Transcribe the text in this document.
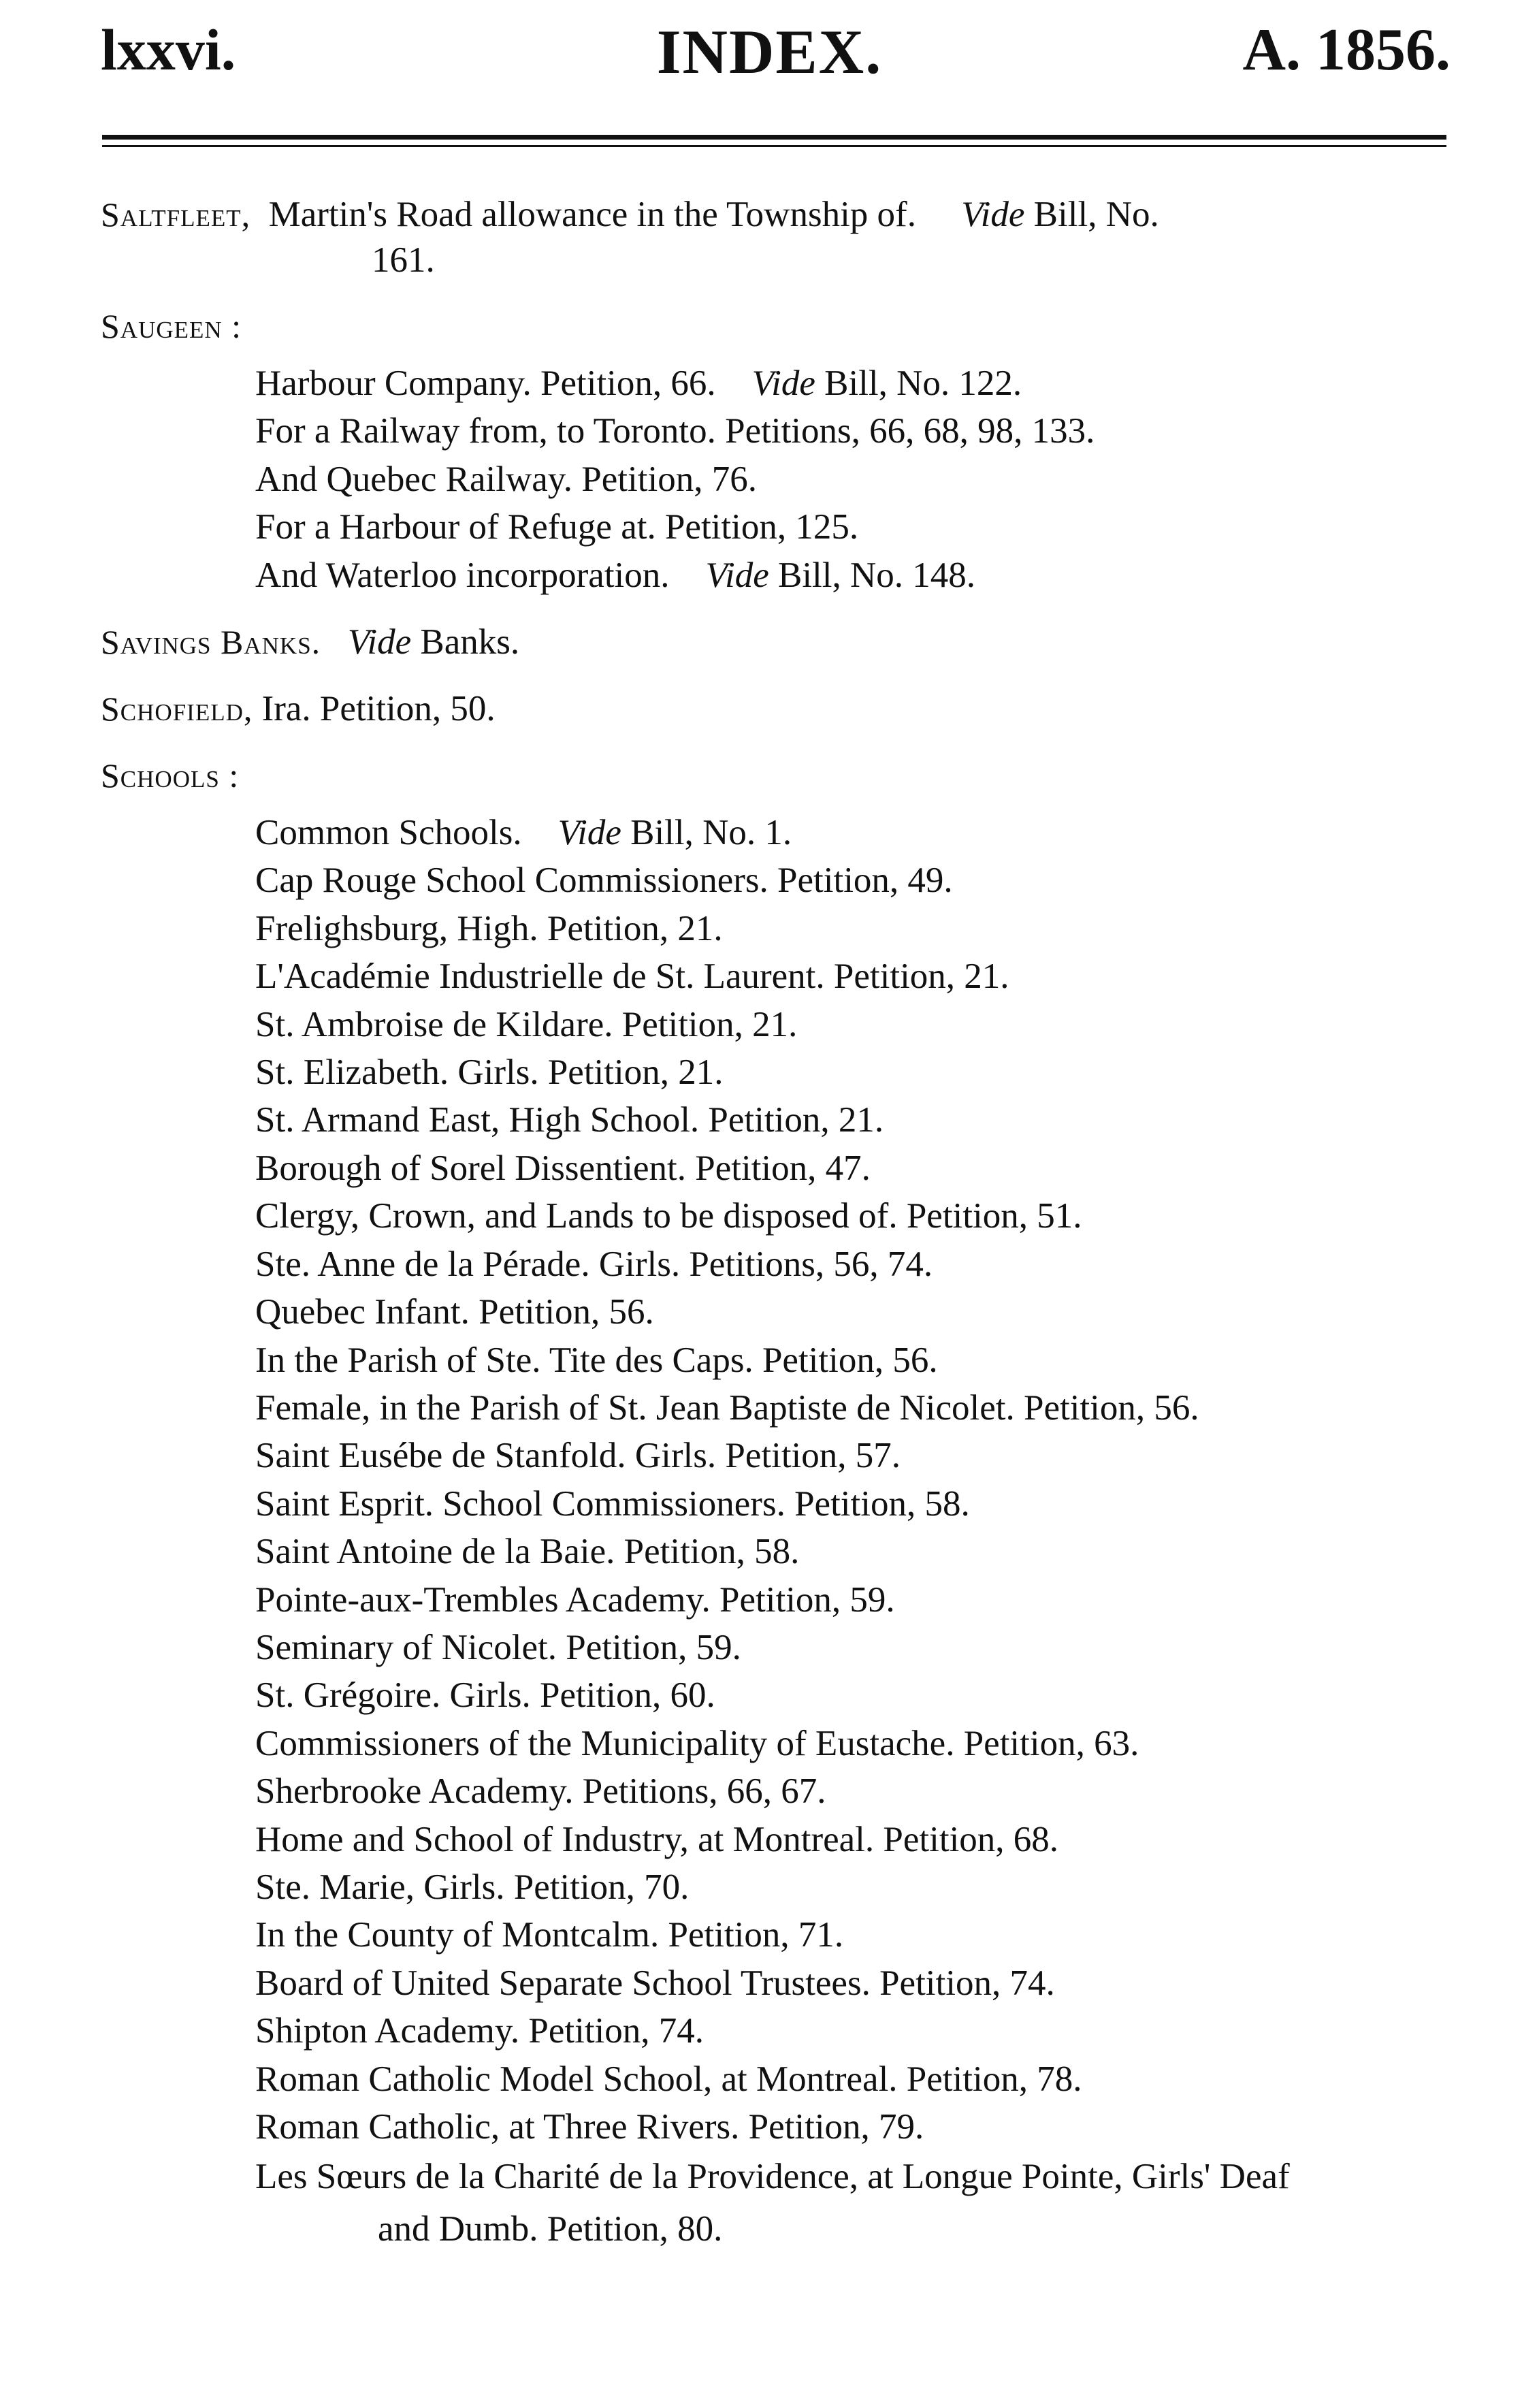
lxxvi.	INDEX.	A. 1856.
Saltfleet, Martin's Road allowance in the Township of. Vide Bill, No.
161.
Saugeen :
Harbour Company. Petition, 66. Vide Bill, No. 122.
For a Railway from, to Toronto. Petitions, 66, 68, 98, 133.
And Quebec Railway. Petition, 76.
For a Harbour of Refuge at. Petition, 125.
And Waterloo incorporation. Vide Bill, No. 148.
Savings Banks. Vide Banks.
Schofield, Ira. Petition, 50.
Schools :
Common Schools. Vide Bill, No. 1.
Cap Rouge School Commissioners. Petition, 49.
Frelighsburg, High. Petition, 21.
L'Académie Industrielle de St. Laurent. Petition, 21.
St. Ambroise de Kildare. Petition, 21.
St. Elizabeth. Girls. Petition, 21.
St. Armand East, High School. Petition, 21.
Borough of Sorel Dissentient. Petition, 47.
Clergy, Crown, and Lands to be disposed of. Petition, 51.
Ste. Anne de la Pérade. Girls. Petitions, 56, 74.
Quebec Infant. Petition, 56.
In the Parish of Ste. Tite des Caps. Petition, 56.
Female, in the Parish of St. Jean Baptiste de Nicolet. Petition, 56.
Saint Eusébe de Stanfold. Girls. Petition, 57.
Saint Esprit. School Commissioners. Petition, 58.
Saint Antoine de la Baie. Petition, 58.
Pointe-aux-Trembles Academy. Petition, 59.
Seminary of Nicolet. Petition, 59.
St. Grégoire. Girls. Petition, 60.
Commissioners of the Municipality of Eustache. Petition, 63.
Sherbrooke Academy. Petitions, 66, 67.
Home and School of Industry, at Montreal. Petition, 68.
Ste. Marie, Girls. Petition, 70.
In the County of Montcalm. Petition, 71.
Board of United Separate School Trustees. Petition, 74.
Shipton Academy. Petition, 74.
Roman Catholic Model School, at Montreal. Petition, 78.
Roman Catholic, at Three Rivers. Petition, 79.
Les Sœurs de la Charité de la Providence, at Longue Pointe, Girls' Deaf
and Dumb. Petition, 80.
